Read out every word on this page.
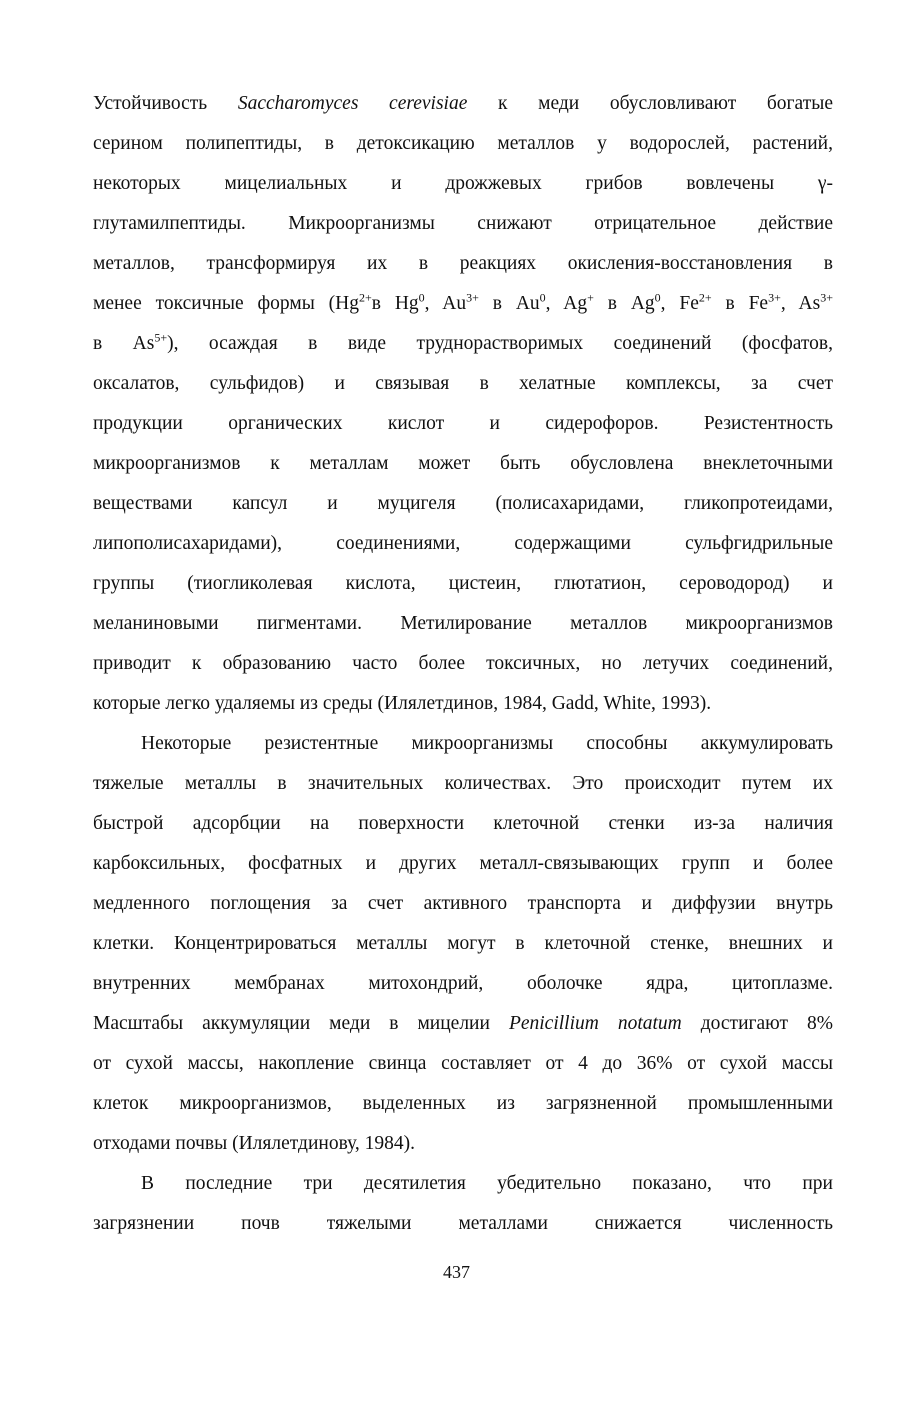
Устойчивость Saccharomyces cerevisiae к меди обусловливают богатые
серином полипептиды, в детоксикацию металлов у водорослей, растений,
некоторых мицелиальных и дрожжевых грибов вовлечены γ-
глутамилпептиды. Микроорганизмы снижают отрицательное действие
металлов, трансформируя их в реакциях окисления-восстановления в
менее токсичные формы ($Hg^{2+}в$ Hg$^0$, $Au^{3+}$ в Au$^0$, Ag+ в Ag$^0$, $Fe^{2+}$ в $Fe^{3+}$, $As^{3+}$
в $As^{5+}$), осаждая в виде труднорастворимых соединений (фосфатов,
оксалатов, сульфидов) и связывая в хелатные комплексы, за счет
продукции органических кислот и сидерофоров. Резистентность
микроорганизмов к металлам может быть обусловлена внеклеточными
веществами капсул и муцигеля (полисахаридами, гликопротеидами,
липополисахаридами), соединениями, содержащими сульфгидрильные
группы (тиогликолевая кислота, цистеин, глютатион, сероводород) и
меланиновыми пигментами. Метилирование металлов микроорганизмов
приводит к образованию часто более токсичных, но летучих соединений,
которые легко удаляемы из среды (Илялетдинов, 1984, Gadd, White, 1993).

Некоторые резистентные микроорганизмы способны аккумулировать
тяжелые металлы в значительных количествах. Это происходит путем их
быстрой адсорбции на поверхности клеточной стенки из-за наличия
карбоксильных, фосфатных и других металл-связывающих групп и более
медленного поглощения за счет активного транспорта и диффузии внутрь
клетки. Концентрироваться металлы могут в клеточной стенке, внешних и
внутренних мембранах митохондрий, оболочке ядра, цитоплазме.
Масштабы аккумуляции меди в мицелии Penicillium notatum достигают 8%
от сухой массы, накопление свинца составляет от 4 до 36% от сухой массы
клеток микроорганизмов, выделенных из загрязненной промышленными
отходами почвы (Илялетдинову, 1984).

В последние три десятилетия убедительно показано, что при
загрязнении почв тяжелыми металлами снижается численность

437
